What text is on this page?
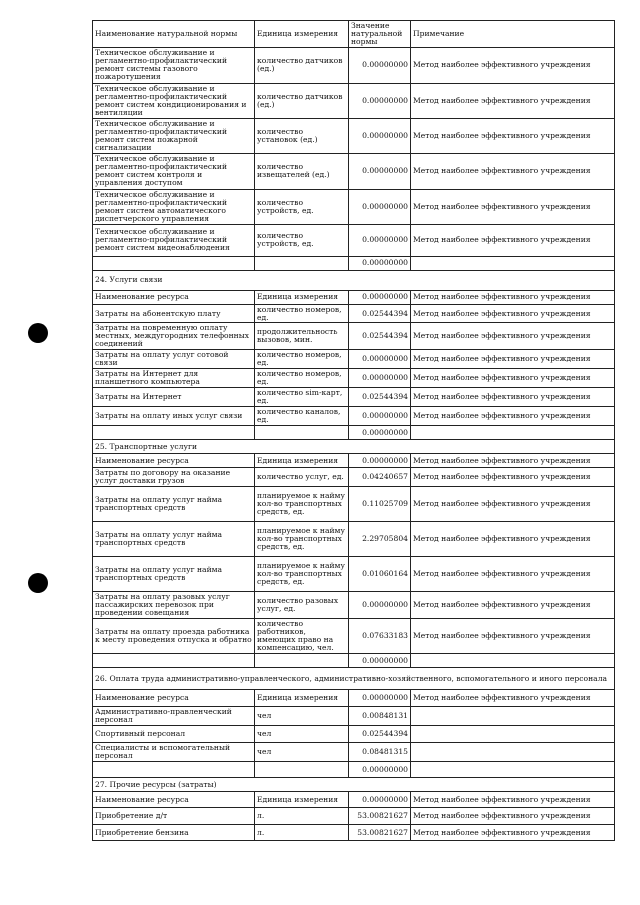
Наименование натуральной нормы	Единица измерения	Значение натуральной нормы	Примечание
Техническое обслуживание и регламентно-профилактический ремонт системы газового пожаротушения	количество датчиков (ед.)	0.00000000	Метод наиболее эффективного учреждения
Техническое обслуживание и регламентно-профилактический ремонт систем кондиционирования и вентиляции	количество датчиков (ед.)	0.00000000	Метод наиболее эффективного учреждения
Техническое обслуживание и регламентно-профилактический ремонт систем пожарной сигнализации	количество установок (ед.)	0.00000000	Метод наиболее эффективного учреждения
Техническое обслуживание и регламентно-профилактический ремонт систем контроля и управления доступом	количество извещателей (ед.)	0.00000000	Метод наиболее эффективного учреждения
Техническое обслуживание и регламентно-профилактический ремонт систем автоматического диспетчерского управления	количество устройств, ед.	0.00000000	Метод наиболее эффективного учреждения
Техническое обслуживание и регламентно-профилактический ремонт систем видеонаблюдения	количество устройств, ед.	0.00000000	Метод наиболее эффективного учреждения
		0.00000000	
24. Услуги связи			
Наименование ресурса	Единица измерения	0.00000000	Метод наиболее эффективного учреждения
Затраты на абонентскую плату	количество номеров, ед.	0.02544394	Метод наиболее эффективного учреждения
Затраты на повременную оплату местных, междугородних телефонных соединений	продолжительность вызовов, мин.	0.02544394	Метод наиболее эффективного учреждения
Затраты на оплату услуг сотовой связи	количество номеров, ед.	0.00000000	Метод наиболее эффективного учреждения
Затраты на Интернет для планшетного компьютера	количество номеров, ед.	0.00000000	Метод наиболее эффективного учреждения
Затраты на Интернет	количество sim-карт, ед.	0.02544394	Метод наиболее эффективного учреждения
Затраты на оплату иных услуг связи	количество каналов, ед.	0.00000000	Метод наиболее эффективного учреждения
		0.00000000	
25. Транспортные услуги			
Наименование ресурса	Единица измерения	0.00000000	Метод наиболее эффективного учреждения
Затраты по договору на оказание услуг доставки грузов	количество услуг, ед.	0.04240657	Метод наиболее эффективного учреждения
Затраты на оплату услуг найма транспортных средств	планируемое к найму кол-во транспортных средств, ед.	0.11025709	Метод наиболее эффективного учреждения
Затраты на оплату услуг найма транспортных средств	планируемое к найму кол-во транспортных средств, ед.	2.29705804	Метод наиболее эффективного учреждения
Затраты на оплату услуг найма транспортных средств	планируемое к найму кол-во транспортных средств, ед.	0.01060164	Метод наиболее эффективного учреждения
Затраты на оплату разовых услуг пассажирских перевозок при проведении совещания	количество разовых услуг, ед.	0.00000000	Метод наиболее эффективного учреждения
Затраты на оплату проезда работника к месту проведения отпуска и обратно	количество работников, имеющих право на компенсацию, чел.	0.07633183	Метод наиболее эффективного учреждения
		0.00000000	
26. Оплата труда административно-управленческого, административно-хозяйственного, вспомогательного и иного персонала			
Наименование ресурса	Единица измерения	0.00000000	Метод наиболее эффективного учреждения
Административно-правленческий персонал	чел	0.00848131	
Спортивный персонал	чел	0.02544394	
Специалисты и вспомогательный персонал	чел	0.08481315	
		0.00000000	
27. Прочие ресурсы (затраты)			
Наименование ресурса	Единица измерения	0.00000000	Метод наиболее эффективного учреждения
Приобретение д/т	л.	53.00821627	Метод наиболее эффективного учреждения
Приобретение бензина	л.	53.00821627	Метод наиболее эффективного учреждения
